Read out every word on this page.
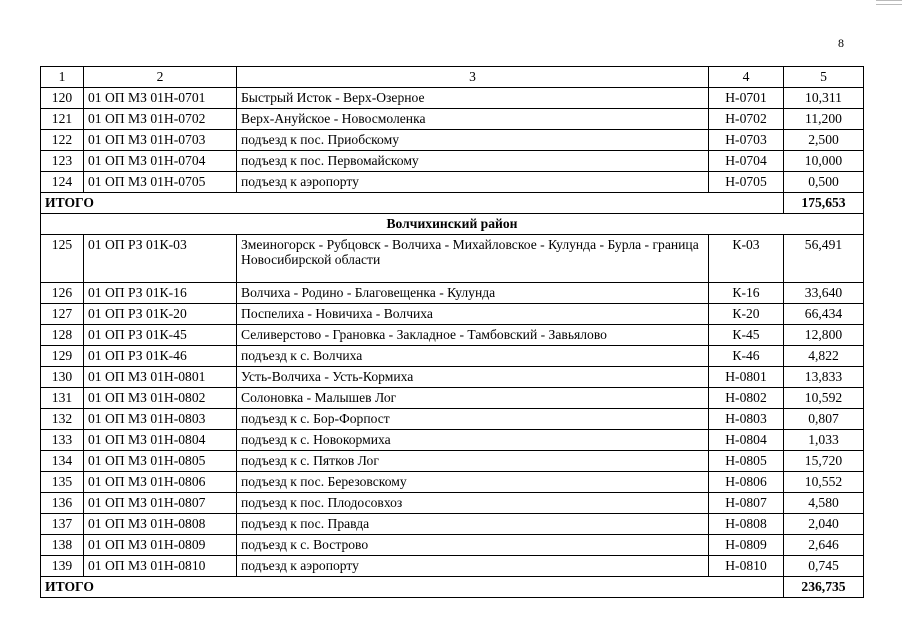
8
1	2	3	4	5
120	01 ОП МЗ 01Н-0701	Быстрый Исток - Верх-Озерное	Н-0701	10,311
121	01 ОП МЗ 01Н-0702	Верх-Ануйское - Новосмоленка	Н-0702	11,200
122	01 ОП МЗ 01Н-0703	подъезд к пос. Приобскому	Н-0703	2,500
123	01 ОП МЗ 01Н-0704	подъезд к пос. Первомайскому	Н-0704	10,000
124	01 ОП МЗ 01Н-0705	подъезд к аэропорту	Н-0705	0,500
ИТОГО				175,653
Волчихинский район				
125	01 ОП РЗ 01К-03	Змеиногорск - Рубцовск - Волчиха - Михайловское - Кулунда - Бурла - граница Новосибирской области	К-03	56,491
126	01 ОП РЗ 01К-16	Волчиха - Родино - Благовещенка - Кулунда	К-16	33,640
127	01 ОП РЗ 01К-20	Поспелиха - Новичиха - Волчиха	К-20	66,434
128	01 ОП РЗ 01К-45	Селиверстово - Грановка - Закладное - Тамбовский - Завьялово	К-45	12,800
129	01 ОП РЗ 01К-46	подъезд к с. Волчиха	К-46	4,822
130	01 ОП МЗ 01Н-0801	Усть-Волчиха - Усть-Кормиха	Н-0801	13,833
131	01 ОП МЗ 01Н-0802	Солоновка - Малышев Лог	Н-0802	10,592
132	01 ОП МЗ 01Н-0803	подъезд к с. Бор-Форпост	Н-0803	0,807
133	01 ОП МЗ 01Н-0804	подъезд к с. Новокормиха	Н-0804	1,033
134	01 ОП МЗ 01Н-0805	подъезд к с. Пятков Лог	Н-0805	15,720
135	01 ОП МЗ 01Н-0806	подъезд к пос. Березовскому	Н-0806	10,552
136	01 ОП МЗ 01Н-0807	подъезд к пос. Плодосовхоз	Н-0807	4,580
137	01 ОП МЗ 01Н-0808	подъезд к пос. Правда	Н-0808	2,040
138	01 ОП МЗ 01Н-0809	подъезд к с. Вострово	Н-0809	2,646
139	01 ОП МЗ 01Н-0810	подъезд к аэропорту	Н-0810	0,745
ИТОГО				236,735
